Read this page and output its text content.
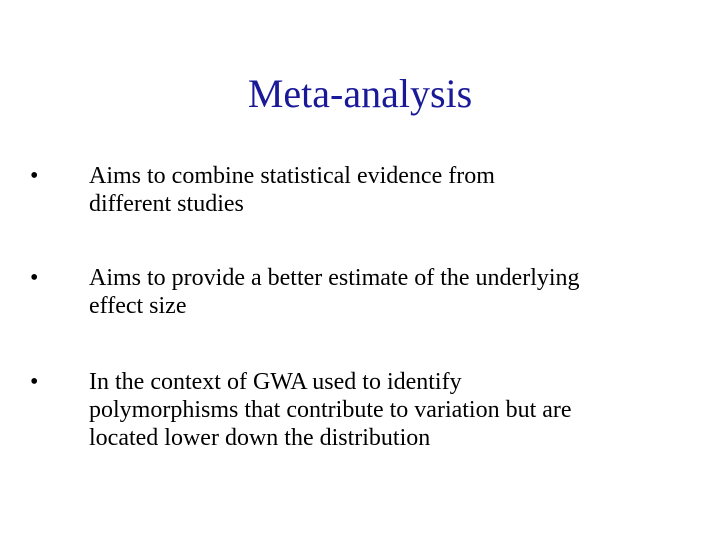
Meta-analysis
•	Aims to combine statistical evidence from
different studies
•	Aims to provide a better estimate of the underlying
effect size
•	In the context of GWA used to identify
polymorphisms that contribute to variation but are
located lower down the distribution
